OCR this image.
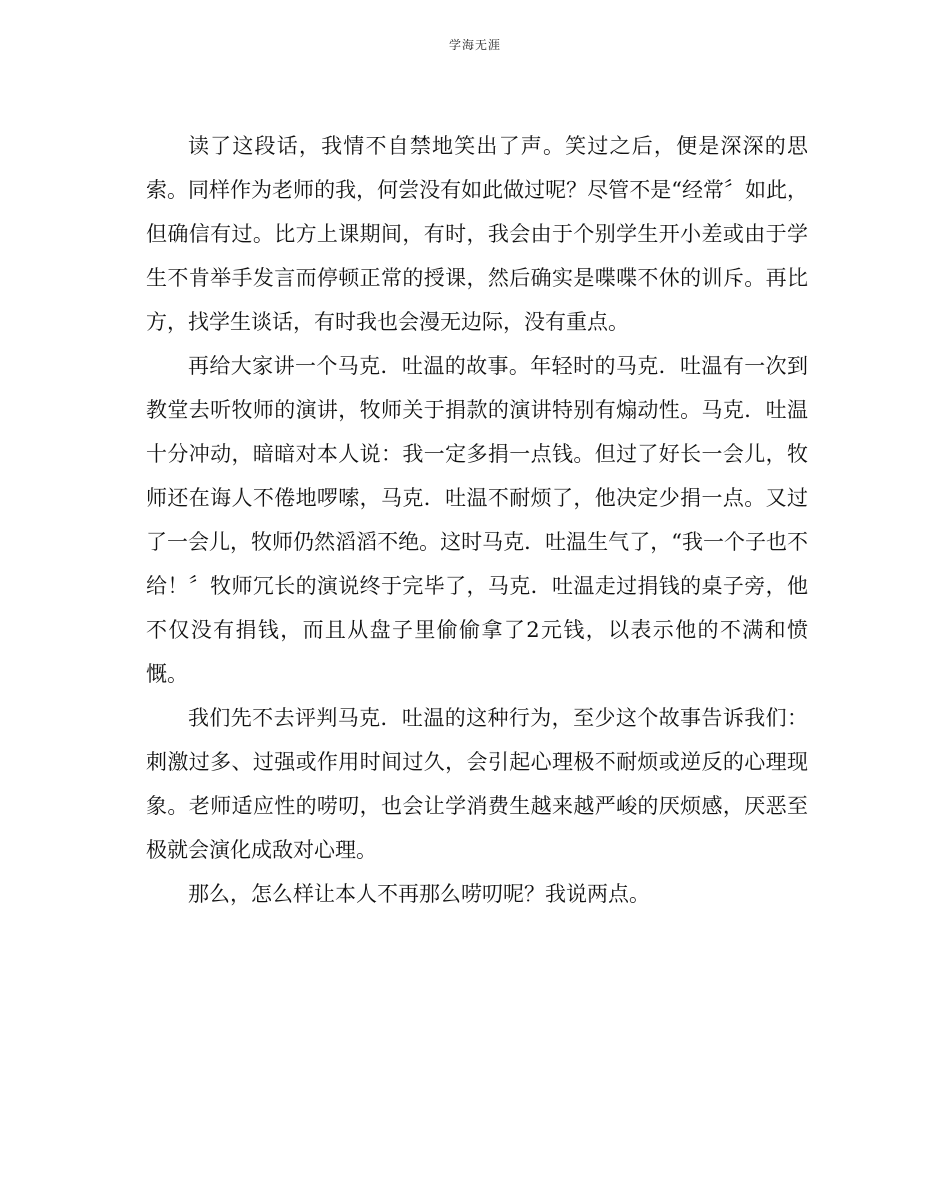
学海无涯

读了这段话，我情不自禁地笑出了声。笑过之后，便是深深的思索。同样作为老师的我，何尝没有如此做过呢？尽管不是“经常〞如此，但确信有过。比方上课期间，有时，我会由于个别学生开小差或由于学生不肯举手发言而停顿正常的授课，然后确实是喋喋不休的训斥。再比方，找学生谈话，有时我也会漫无边际，没有重点。

再给大家讲一个马克．吐温的故事。年轻时的马克．吐温有一次到教堂去听牧师的演讲，牧师关于捐款的演讲特别有煽动性。马克．吐温十分冲动，暗暗对本人说：我一定多捐一点钱。但过了好长一会儿，牧师还在诲人不倦地啰嗦，马克．吐温不耐烦了，他决定少捐一点。又过了一会儿，牧师仍然滔滔不绝。这时马克．吐温生气了，“我一个子也不给！〞牧师冗长的演说终于完毕了，马克．吐温走过捐钱的桌子旁，他不仅没有捐钱，而且从盘子里偷偷拿了2元钱，以表示他的不满和愤慨。

我们先不去评判马克．吐温的这种行为，至少这个故事告诉我们：刺激过多、过强或作用时间过久，会引起心理极不耐烦或逆反的心理现象。老师适应性的唠叨，也会让学消费生越来越严峻的厌烦感，厌恶至极就会演化成敌对心理。

那么，怎么样让本人不再那么唠叨呢？我说两点。
